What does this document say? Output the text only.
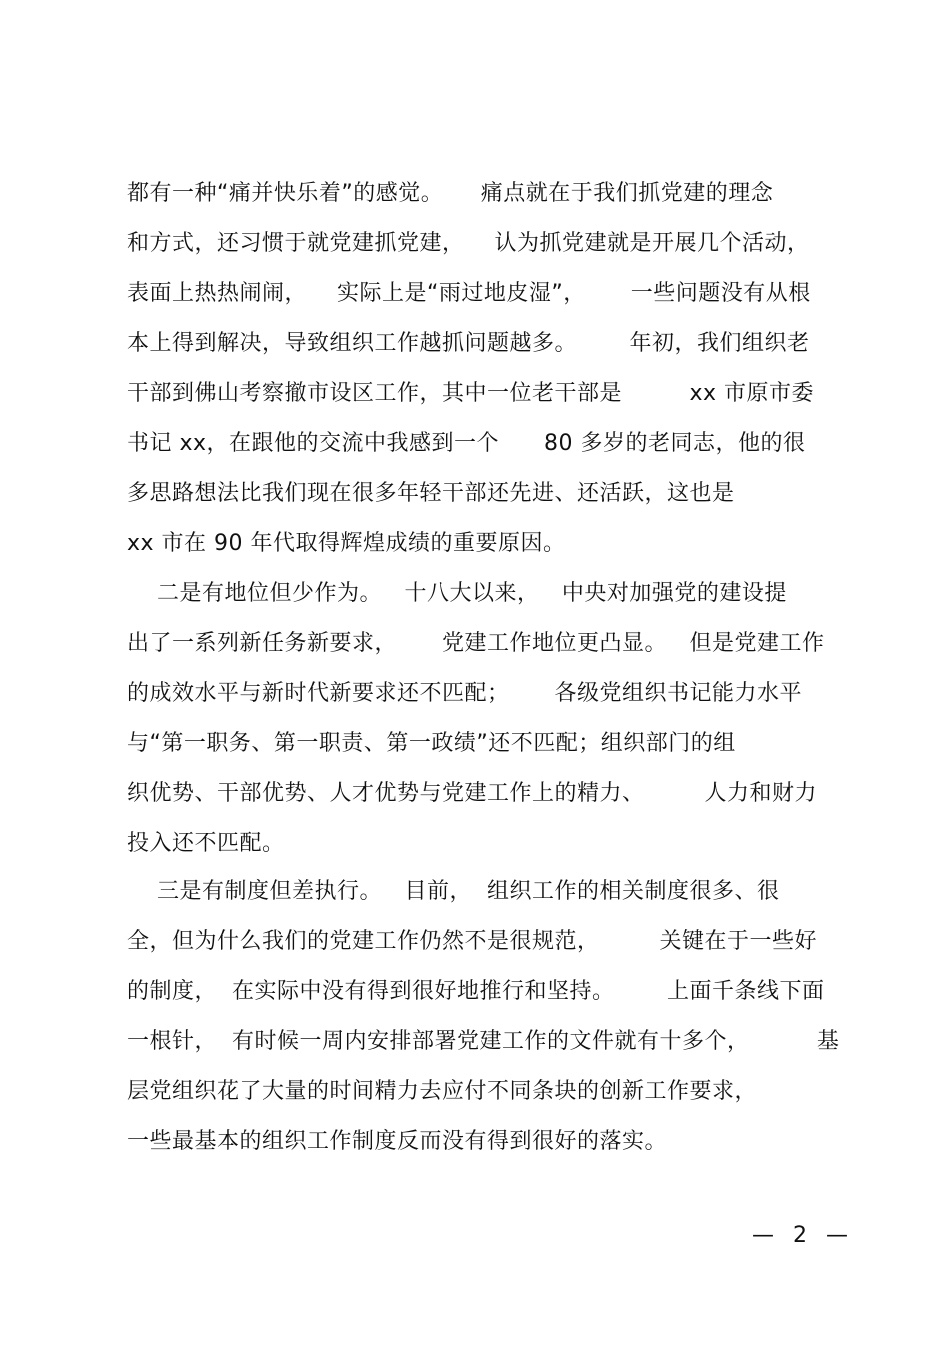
都有一种“痛并快乐着”的感觉。     痛点就在于我们抓党建的理念
和方式，还习惯于就党建抓党建，    认为抓党建就是开展几个活动，
表面上热热闹闹，    实际上是“雨过地皮湿”，      一些问题没有从根
本上得到解决，导致组织工作越抓问题越多。       年初，我们组织老
干部到佛山考察撤市设区工作，其中一位老干部是         xx 市原市委
书记 xx，在跟他的交流中我感到一个      80 多岁的老同志，他的很
多思路想法比我们现在很多年轻干部还先进、还活跃，这也是
xx 市在 90 年代取得辉煌成绩的重要原因。
二是有地位但少作为。   十八大以来，   中央对加强党的建设提
出了一系列新任务新要求，      党建工作地位更凸显。   但是党建工作
的成效水平与新时代新要求还不匹配；      各级党组织书记能力水平
与“第一职务、第一职责、第一政绩”还不匹配；组织部门的组
织优势、干部优势、人才优势与党建工作上的精力、        人力和财力
投入还不匹配。
三是有制度但差执行。   目前，  组织工作的相关制度很多、很
全，但为什么我们的党建工作仍然不是很规范，        关键在于一些好
的制度，  在实际中没有得到很好地推行和坚持。       上面千条线下面
一根针，  有时候一周内安排部署党建工作的文件就有十多个，         基
层党组织花了大量的时间精力去应付不同条块的创新工作要求，
一些最基本的组织工作制度反而没有得到很好的落实。
— 2 —
